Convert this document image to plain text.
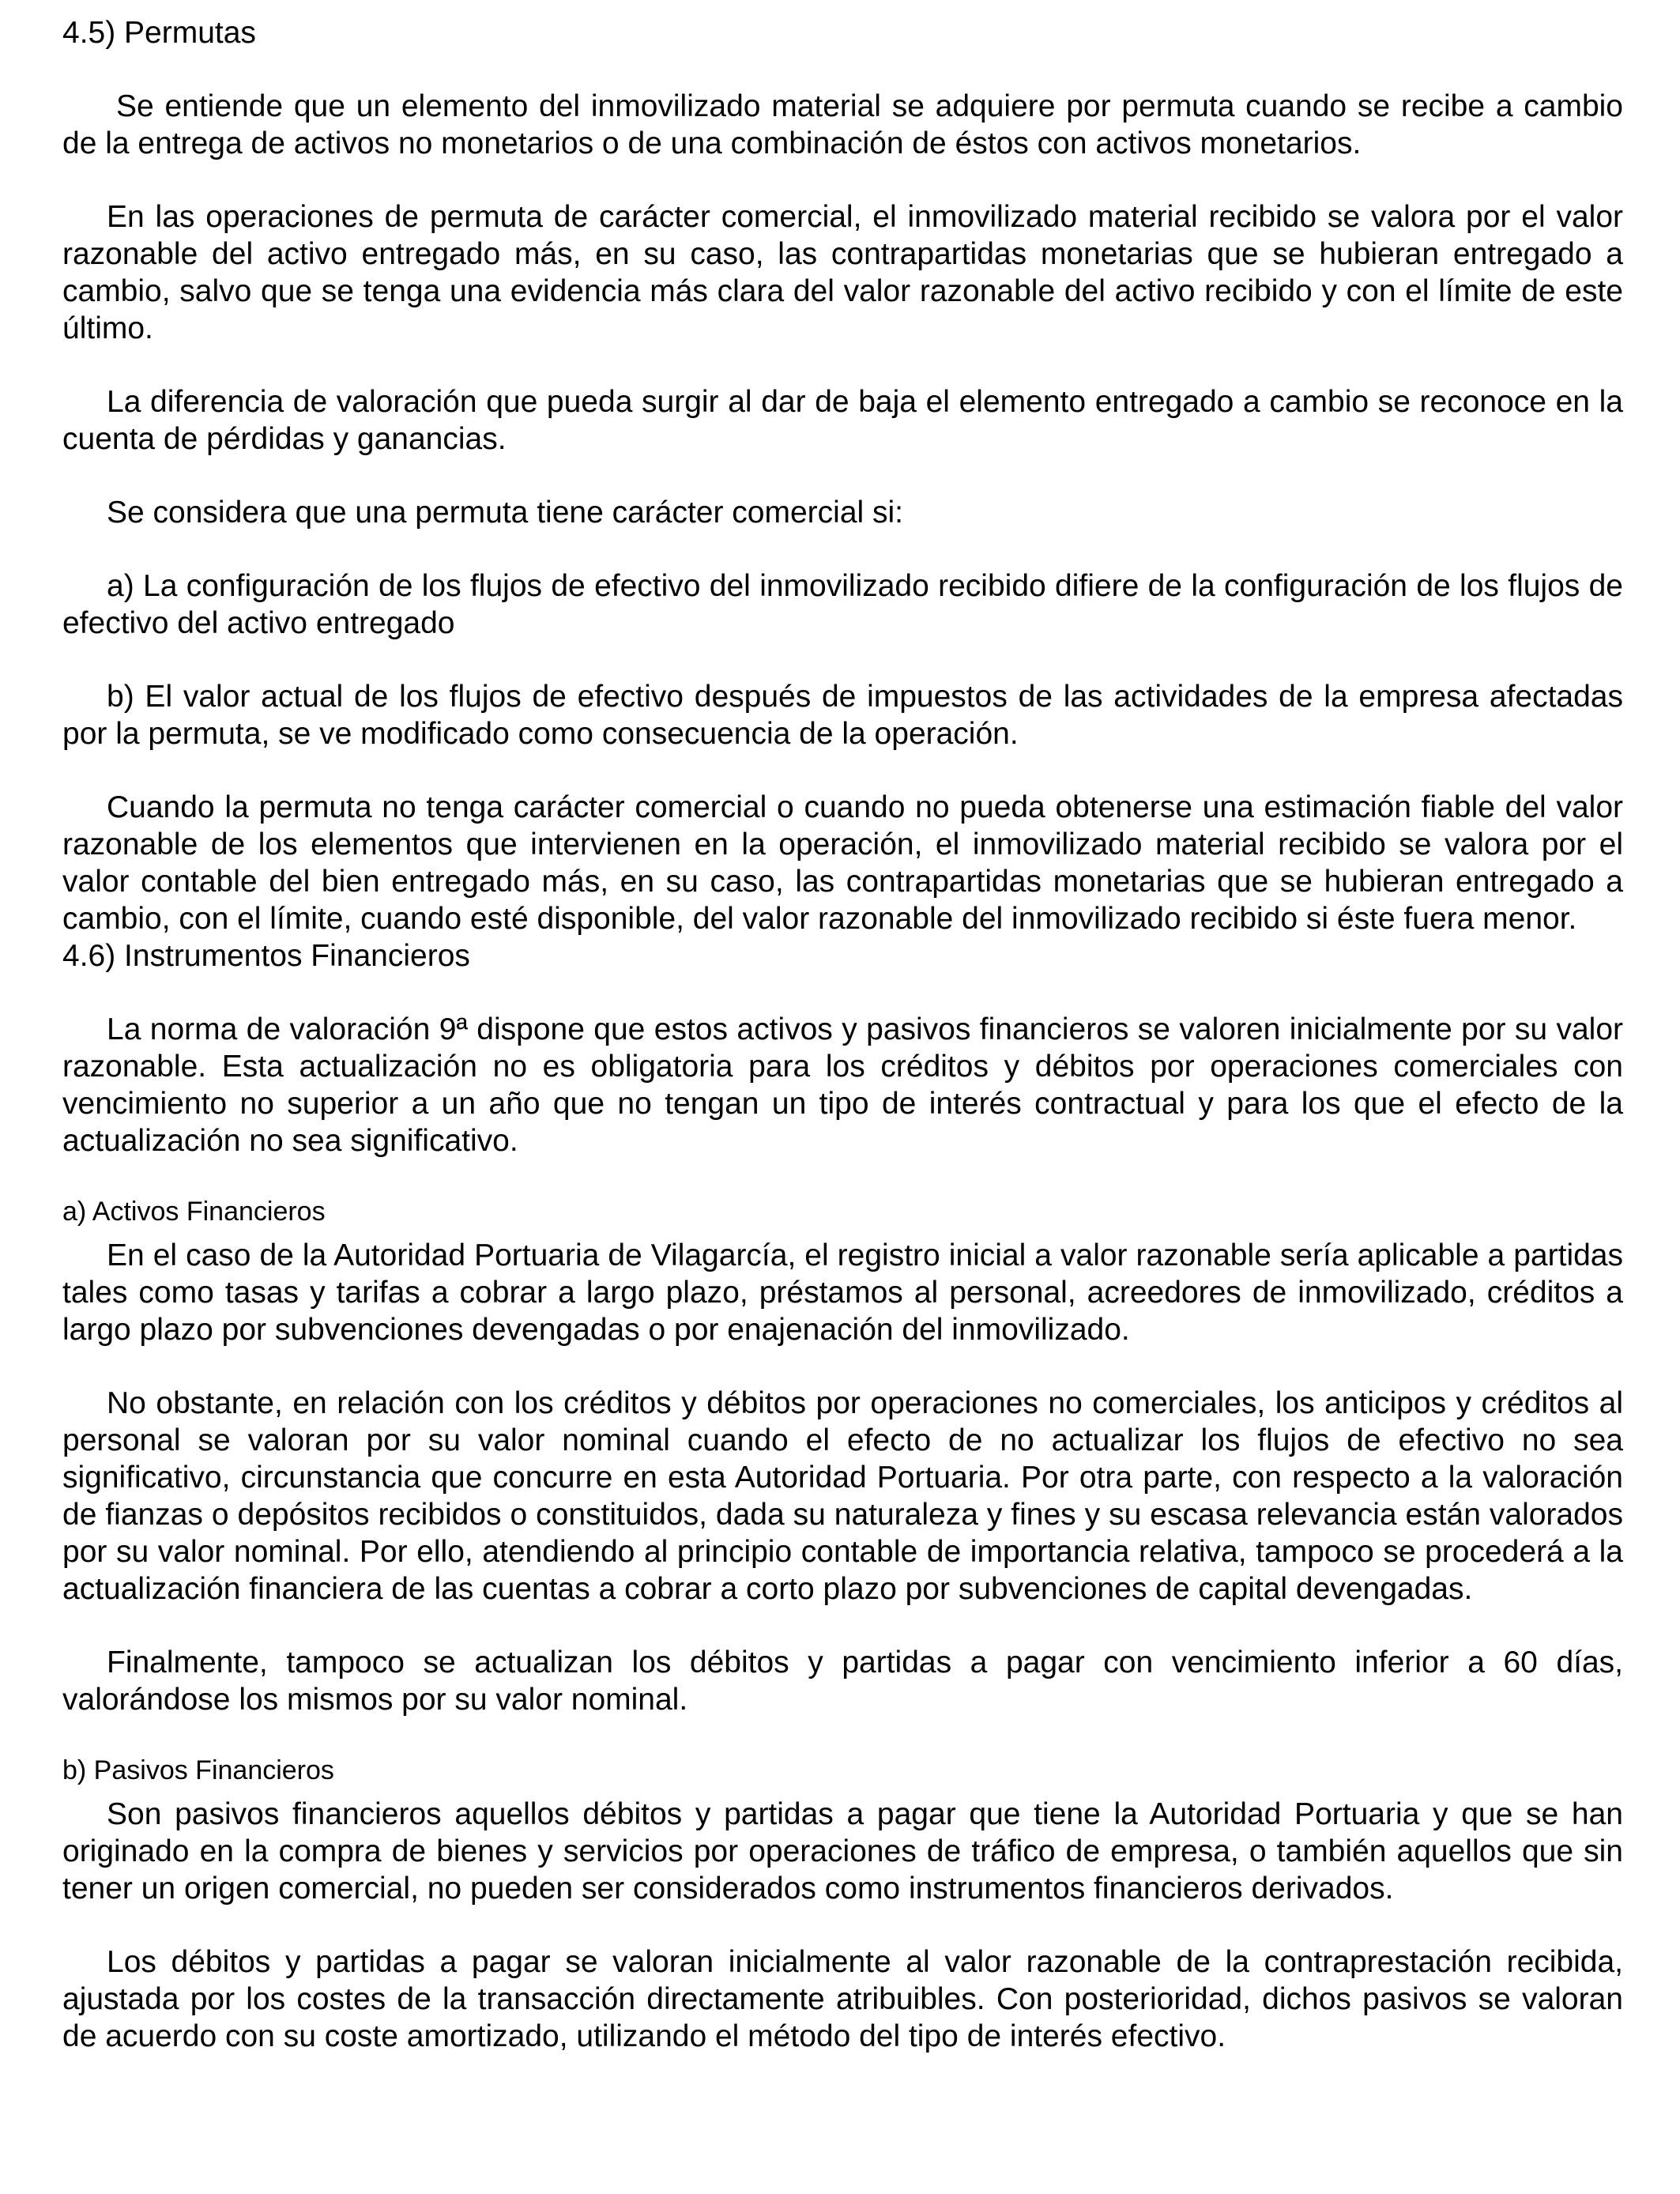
4.5) Permutas

Se entiende que un elemento del inmovilizado material se adquiere por permuta cuando se recibe a cambio de la entrega de activos no monetarios o de una combinación de éstos con activos monetarios.

En las operaciones de permuta de carácter comercial, el inmovilizado material recibido se valora por el valor razonable del activo entregado más, en su caso, las contrapartidas monetarias que se hubieran entregado a cambio, salvo que se tenga una evidencia más clara del valor razonable del activo recibido y con el límite de este último.

La diferencia de valoración que pueda surgir al dar de baja el elemento entregado a cambio se reconoce en la cuenta de pérdidas y ganancias.

Se considera que una permuta tiene carácter comercial si:

a) La configuración de los flujos de efectivo del inmovilizado recibido difiere de la configuración de los flujos de efectivo del activo entregado

b) El valor actual de los flujos de efectivo después de impuestos de las actividades de la empresa afectadas por la permuta, se ve modificado como consecuencia de la operación.

Cuando la permuta no tenga carácter comercial o cuando no pueda obtenerse una estimación fiable del valor razonable de los elementos que intervienen en la operación, el inmovilizado material recibido se valora por el valor contable del bien entregado más, en su caso, las contrapartidas monetarias que se hubieran entregado a cambio, con el límite, cuando esté disponible, del valor razonable del inmovilizado recibido si éste fuera menor.

4.6) Instrumentos Financieros

La norma de valoración 9ª dispone que estos activos y pasivos financieros se valoren inicialmente por su valor razonable. Esta actualización no es obligatoria para los créditos y débitos por operaciones comerciales con vencimiento no superior a un año que no tengan un tipo de interés contractual y para los que el efecto de la actualización no sea significativo.

a) Activos Financieros

En el caso de la Autoridad Portuaria de Vilagarcía, el registro inicial a valor razonable sería aplicable a partidas tales como tasas y tarifas a cobrar a largo plazo, préstamos al personal, acreedores de inmovilizado, créditos a largo plazo por subvenciones devengadas o por enajenación del inmovilizado.

No obstante, en relación con los créditos y débitos por operaciones no comerciales, los anticipos y créditos al personal se valoran por su valor nominal cuando el efecto de no actualizar los flujos de efectivo no sea significativo, circunstancia que concurre en esta Autoridad Portuaria. Por otra parte, con respecto a la valoración de fianzas o depósitos recibidos o constituidos, dada su naturaleza y fines y su escasa relevancia están valorados por su valor nominal. Por ello, atendiendo al principio contable de importancia relativa, tampoco se procederá a la actualización financiera de las cuentas a cobrar a corto plazo por subvenciones de capital devengadas.

Finalmente, tampoco se actualizan los débitos y partidas a pagar con vencimiento inferior a 60 días, valorándose los mismos por su valor nominal.

b) Pasivos Financieros

Son pasivos financieros aquellos débitos y partidas a pagar que tiene la Autoridad Portuaria y que se han originado en la compra de bienes y servicios por operaciones de tráfico de empresa, o también aquellos que sin tener un origen comercial, no pueden ser considerados como instrumentos financieros derivados.

Los débitos y partidas a pagar se valoran inicialmente al valor razonable de la contraprestación recibida, ajustada por los costes de la transacción directamente atribuibles. Con posterioridad, dichos pasivos se valoran de acuerdo con su coste amortizado, utilizando el método del tipo de interés efectivo.
